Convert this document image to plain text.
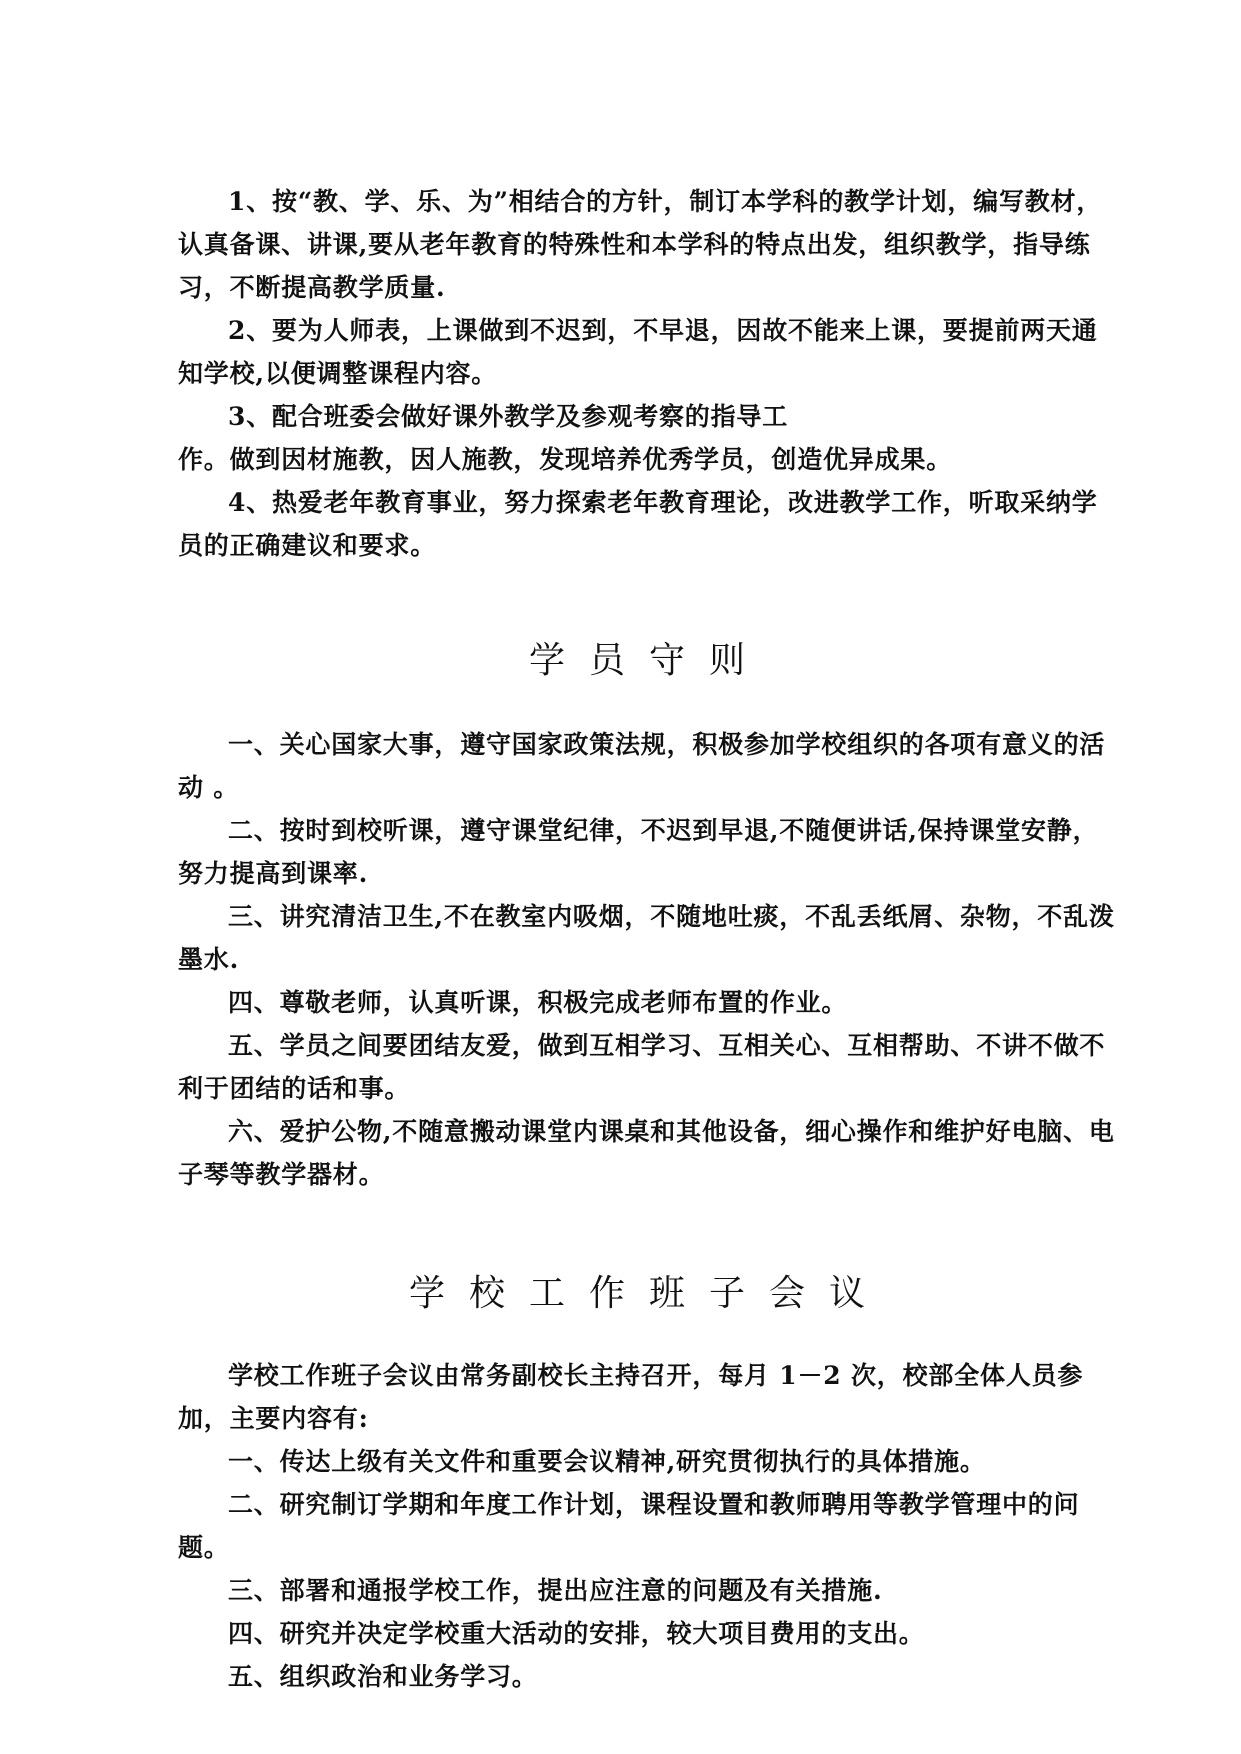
1、按“教、学、乐、为”相结合的方针，制订本学科的教学计划，编写教材，认真备课、讲课,要从老年教育的特殊性和本学科的特点出发，组织教学，指导练习，不断提高教学质量.

2、要为人师表，上课做到不迟到，不早退，因故不能来上课，要提前两天通知学校,以便调整课程内容。

3、配合班委会做好课外教学及参观考察的指导工

作。做到因材施教，因人施教，发现培养优秀学员，创造优异成果。

4、热爱老年教育事业，努力探索老年教育理论，改进教学工作，听取采纳学员的正确建议和要求。

学员守则

一、关心国家大事，遵守国家政策法规，积极参加学校组织的各项有意义的活动 。

二、按时到校听课，遵守课堂纪律，不迟到早退,不随便讲话,保持课堂安静，努力提高到课率.

三、讲究清洁卫生,不在教室内吸烟，不随地吐痰，不乱丢纸屑、杂物，不乱泼墨水.

四、尊敬老师，认真听课，积极完成老师布置的作业。

五、学员之间要团结友爱，做到互相学习、互相关心、互相帮助、不讲不做不利于团结的话和事。

六、爱护公物,不随意搬动课堂内课桌和其他设备，细心操作和维护好电脑、电子琴等教学器材。

学校工作班子会议

学校工作班子会议由常务副校长主持召开，每月 1－2 次，校部全体人员参加，主要内容有:

一、传达上级有关文件和重要会议精神,研究贯彻执行的具体措施。

二、研究制订学期和年度工作计划，课程设置和教师聘用等教学管理中的问题。

三、部署和通报学校工作，提出应注意的问题及有关措施.

四、研究并决定学校重大活动的安排，较大项目费用的支出。

五、组织政治和业务学习。
